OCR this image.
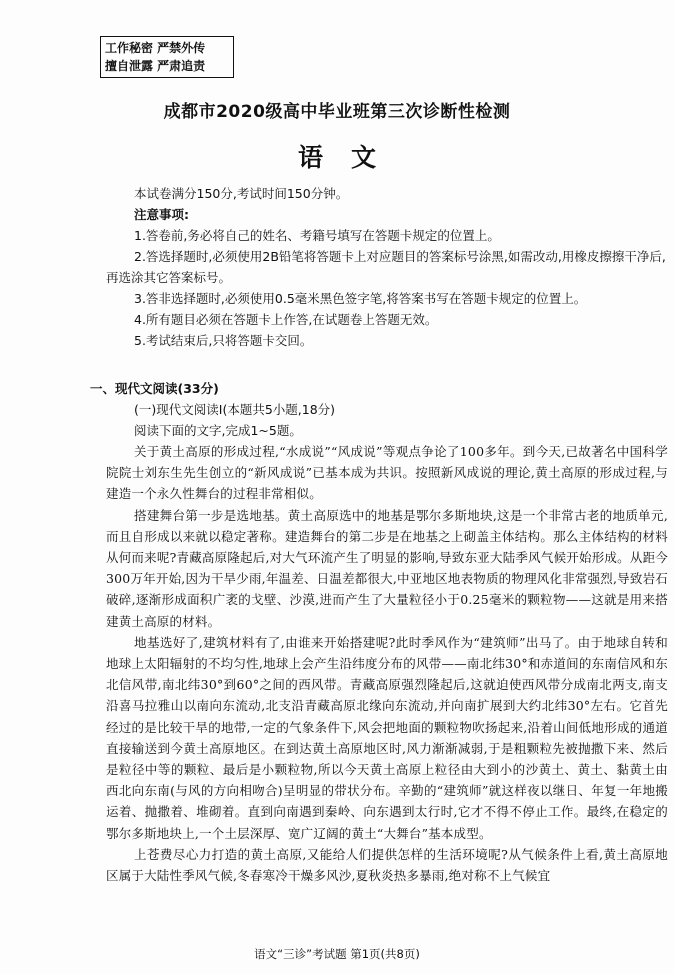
工作秘密 严禁外传
擅自泄露 严肃追责
成都市2020级高中毕业班第三次诊断性检测
语文

本试卷满分150分,考试时间150分钟。

注意事项:

1.答卷前,务必将自己的姓名、考籍号填写在答题卡规定的位置上。

2.答选择题时,必须使用2B铅笔将答题卡上对应题目的答案标号涂黑,如需改动,用橡皮擦擦干净后,再选涂其它答案标号。

3.答非选择题时,必须使用0.5毫米黑色签字笔,将答案书写在答题卡规定的位置上。

4.所有题目必须在答题卡上作答,在试题卷上答题无效。

5.考试结束后,只将答题卡交回。

一、现代文阅读(33分)

(一)现代文阅读Ⅰ(本题共5小题,18分)

阅读下面的文字,完成1~5题。

关于黄土高原的形成过程,“水成说”“风成说”等观点争论了100多年。到今天,已故著名中国科学院院士刘东生先生创立的“新风成说”已基本成为共识。按照新风成说的理论,黄土高原的形成过程,与建造一个永久性舞台的过程非常相似。

搭建舞台第一步是选地基。黄土高原选中的地基是鄂尔多斯地块,这是一个非常古老的地质单元,而且自形成以来就以稳定著称。建造舞台的第二步是在地基之上砌盖主体结构。那么主体结构的材料从何而来呢?青藏高原隆起后,对大气环流产生了明显的影响,导致东亚大陆季风气候开始形成。从距今300万年开始,因为干旱少雨,年温差、日温差都很大,中亚地区地表物质的物理风化非常强烈,导致岩石破碎,逐渐形成面积广袤的戈壁、沙漠,进而产生了大量粒径小于0.25毫米的颗粒物——这就是用来搭建黄土高原的材料。

地基选好了,建筑材料有了,由谁来开始搭建呢?此时季风作为“建筑师”出马了。由于地球自转和地球上太阳辐射的不均匀性,地球上会产生沿纬度分布的风带——南北纬30°和赤道间的东南信风和东北信风带,南北纬30°到60°之间的西风带。青藏高原强烈隆起后,这就迫使西风带分成南北两支,南支沿喜马拉雅山以南向东流动,北支沿青藏高原北缘向东流动,并向南扩展到大约北纬30°左右。它首先经过的是比较干旱的地带,一定的气象条件下,风会把地面的颗粒物吹扬起来,沿着山间低地形成的通道直接输送到今黄土高原地区。在到达黄土高原地区时,风力渐渐减弱,于是粗颗粒先被抛撒下来、然后是粒径中等的颗粒、最后是小颗粒物,所以今天黄土高原上粒径由大到小的沙黄土、黄土、黏黄土由西北向东南(与风的方向相吻合)呈明显的带状分布。辛勤的“建筑师”就这样夜以继日、年复一年地搬运着、抛撒着、堆砌着。直到向南遇到秦岭、向东遇到太行时,它才不得不停止工作。最终,在稳定的鄂尔多斯地块上,一个土层深厚、宽广辽阔的黄土“大舞台”基本成型。

上苍费尽心力打造的黄土高原,又能给人们提供怎样的生活环境呢?从气候条件上看,黄土高原地区属于大陆性季风气候,冬春寒冷干燥多风沙,夏秋炎热多暴雨,绝对称不上气候宜

语文“三诊”考试题 第1页(共8页)
